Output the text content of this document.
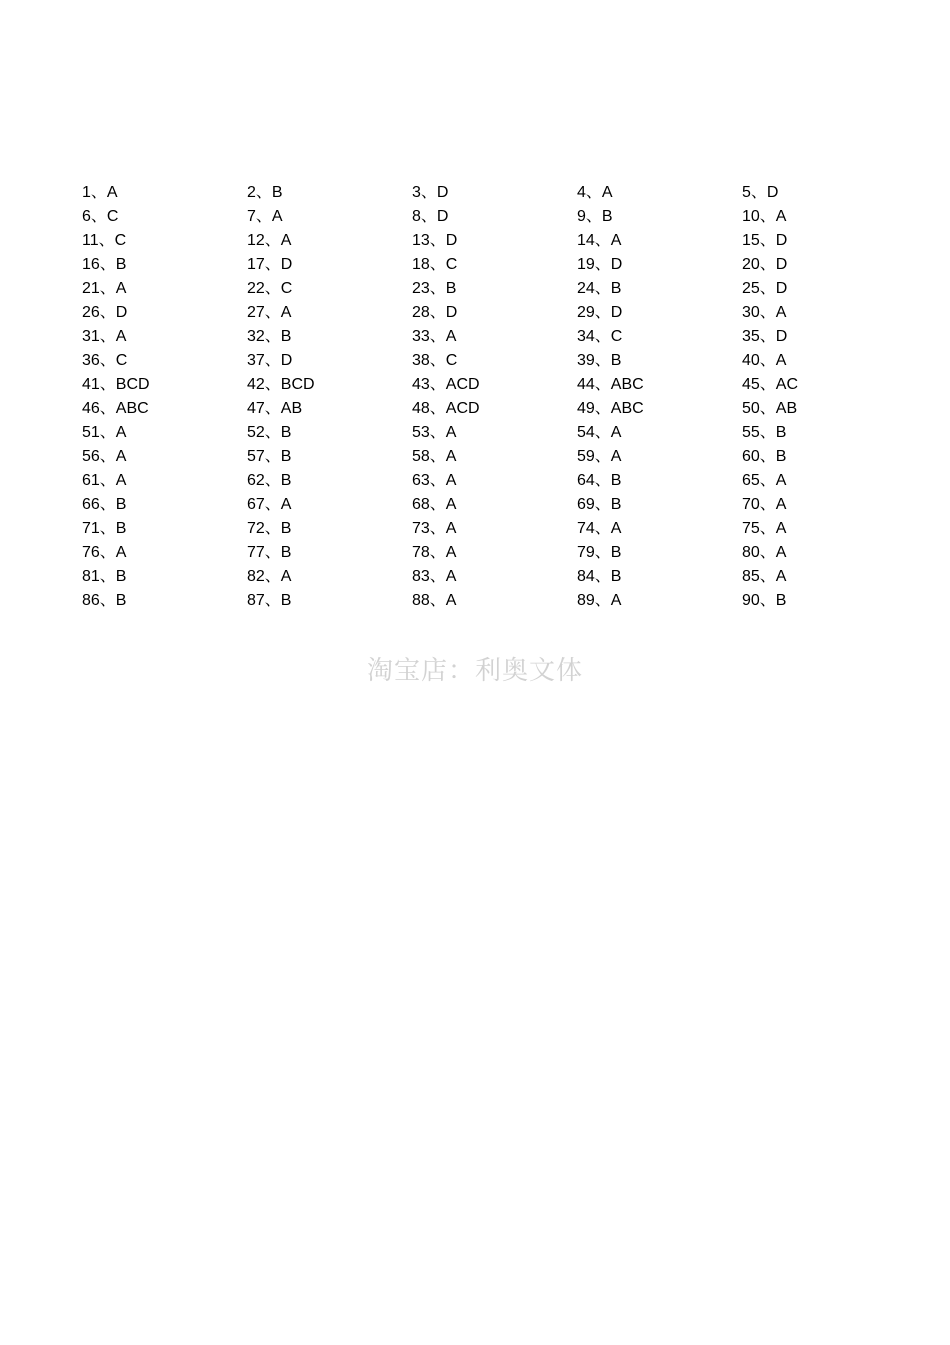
1、A	2、B	3、D	4、A	5、D
6、C	7、A	8、D	9、B	10、A
11、C	12、A	13、D	14、A	15、D
16、B	17、D	18、C	19、D	20、D
21、A	22、C	23、B	24、B	25、D
26、D	27、A	28、D	29、D	30、A
31、A	32、B	33、A	34、C	35、D
36、C	37、D	38、C	39、B	40、A
41、BCD	42、BCD	43、ACD	44、ABC	45、AC
46、ABC	47、AB	48、ACD	49、ABC	50、AB
51、A	52、B	53、A	54、A	55、B
56、A	57、B	58、A	59、A	60、B
61、A	62、B	63、A	64、B	65、A
66、B	67、A	68、A	69、B	70、A
71、B	72、B	73、A	74、A	75、A
76、A	77、B	78、A	79、B	80、A
81、B	82、A	83、A	84、B	85、A
86、B	87、B	88、A	89、A	90、B
淘宝店：利奥文体
